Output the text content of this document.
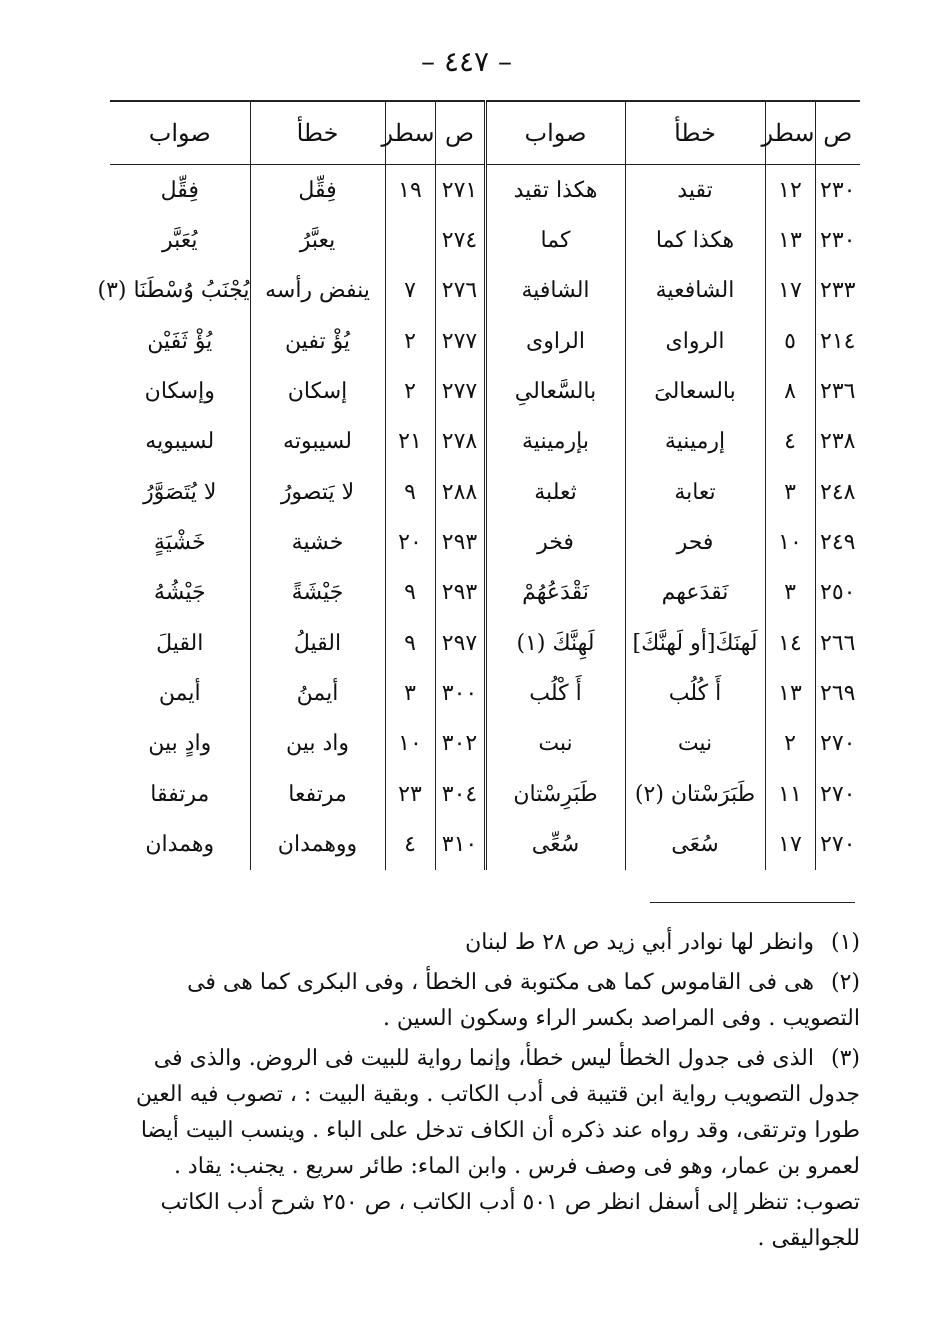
– ٤٤٧ –
ص	سطر	خطأ	صواب	ص	سطر	خطأ	صواب
٢٣٠	١٢	تقيد	هكذا تقيد	٢٧١	١٩	فِقِّل	فِقِّل
٢٣٠	١٣	هكذا كما	كما	٢٧٤		يعبَّرُ	يُعَبَّر
٢٣٣	١٧	الشافعية	الشافية	٢٧٦	٧	ينفض رأسه	يُجْنَبُ وُسْطَنَا (٣)
٢١٤	٥	الرواى	الراوى	٢٧٧	٢	يُؤْ تفين	يُؤْ ثَفَيْن
٢٣٦	٨	بالسعالىَ	بالسَّعالىِ	٢٧٧	٢	إسكان	وإسكان
٢٣٨	٤	إرمينية	بإرمينية	٢٧٨	٢١	لسيبوته	لسيبويه
٢٤٨	٣	تعابة	ثعلبة	٢٨٨	٩	لا يَتصورُ	لا يُتَصَوَّرُ
٢٤٩	١٠	فحر	فخر	٢٩٣	٢٠	خشية	خَشْيَةٍ
٢٥٠	٣	نَقدَعهم	نَقْدَعُهُمْ	٢٩٣	٩	جَيْشَةً	جَيْشُهُ
٢٦٦	١٤	لَهنَكَ[أو لَهنَّكَ]	لَهِنَّكَ (١)	٢٩٧	٩	القيلُ	القيلَ
٢٦٩	١٣	أَ كُلُب	أَ كْلُب	٣٠٠	٣	أيمنُ	أيمن
٢٧٠	٢	نيت	نبت	٣٠٢	١٠	واد بين	وادٍ بين
٢٧٠	١١	طَبَرَسْتان (٢)	طَبَرِسْتان	٣٠٤	٢٣	مرتفعا	مرتفقا
٢٧٠	١٧	سُعَى	سُعِّى	٣١٠	٤	ووهمدان	وهمدان

(١) وانظر لها نوادر أبي زيد ص ٢٨ ط لبنان

(٢) هى فى القاموس كما هى مكتوبة فى الخطأ ، وفى البكرى كما هى فى التصويب . وفى المراصد بكسر الراء وسكون السين .

(٣) الذى فى جدول الخطأ ليس خطأ، وإنما رواية للبيت فى الروض. والذى فى جدول التصويب رواية ابن قتيبة فى أدب الكاتب . وبقية البيت : ، تصوب فيه العين طورا وترتقى، وقد رواه عند ذكره أن الكاف تدخل على الباء . وينسب البيت أيضا لعمرو بن عمار، وهو فى وصف فرس . وابن الماء: طائر سريع . يجنب: يقاد . تصوب: تنظر إلى أسفل انظر ص ٥٠١ أدب الكاتب ، ص ٢٥٠ شرح أدب الكاتب للجواليقى .
